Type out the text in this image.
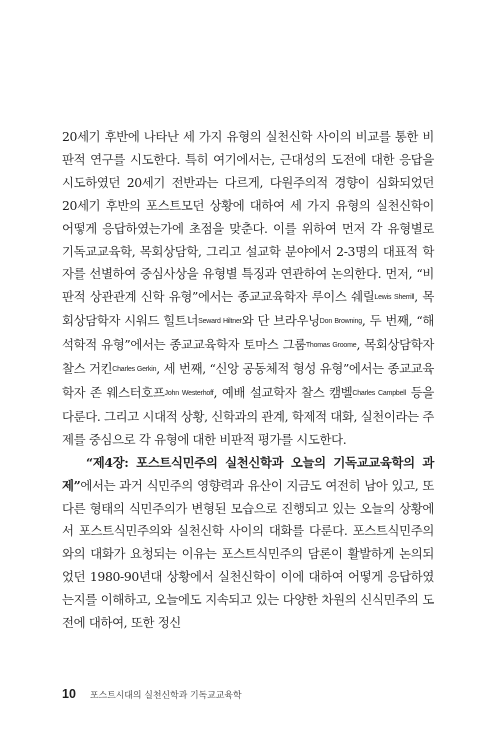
20세기 후반에 나타난 세 가지 유형의 실천신학 사이의 비교를 통한 비판적 연구를 시도한다. 특히 여기에서는, 근대성의 도전에 대한 응답을 시도하였던 20세기 전반과는 다르게, 다원주의적 경향이 심화되었던 20세기 후반의 포스트모던 상황에 대하여 세 가지 유형의 실천신학이 어떻게 응답하였는가에 초점을 맞춘다. 이를 위하여 먼저 각 유형별로 기독교교육학, 목회상담학, 그리고 설교학 분야에서 2-3명의 대표적 학자를 선별하여 중심사상을 유형별 특징과 연관하여 논의한다. 먼저, “비판적 상관관계 신학 유형”에서는 종교교육학자 루이스 쉐릴Lewis Sherrill, 목회상담학자 시워드 힐트너Seward Hiltner와 단 브라우닝Don Browning, 두 번째, “해석학적 유형”에서는 종교교육학자 토마스 그룸Thomas Groome, 목회상담학자 찰스 거킨Charles Gerkin, 세 번째, “신앙 공동체적 형성 유형”에서는 종교교육학자 존 웨스터호프John Westerhoff, 예배 설교학자 찰스 캠벨Charles Campbell 등을 다룬다. 그리고 시대적 상황, 신학과의 관계, 학제적 대화, 실천이라는 주제를 중심으로 각 유형에 대한 비판적 평가를 시도한다.

“제4장: 포스트식민주의 실천신학과 오늘의 기독교교육학의 과제”에서는 과거 식민주의 영향력과 유산이 지금도 여전히 남아 있고, 또 다른 형태의 식민주의가 변형된 모습으로 진행되고 있는 오늘의 상황에서 포스트식민주의와 실천신학 사이의 대화를 다룬다. 포스트식민주의와의 대화가 요청되는 이유는 포스트식민주의 담론이 활발하게 논의되었던 1980-90년대 상황에서 실천신학이 이에 대하여 어떻게 응답하였는지를 이해하고, 오늘에도 지속되고 있는 다양한 차원의 신식민주의 도전에 대하여, 또한 정신

10 포스트시대의 실천신학과 기독교교육학
